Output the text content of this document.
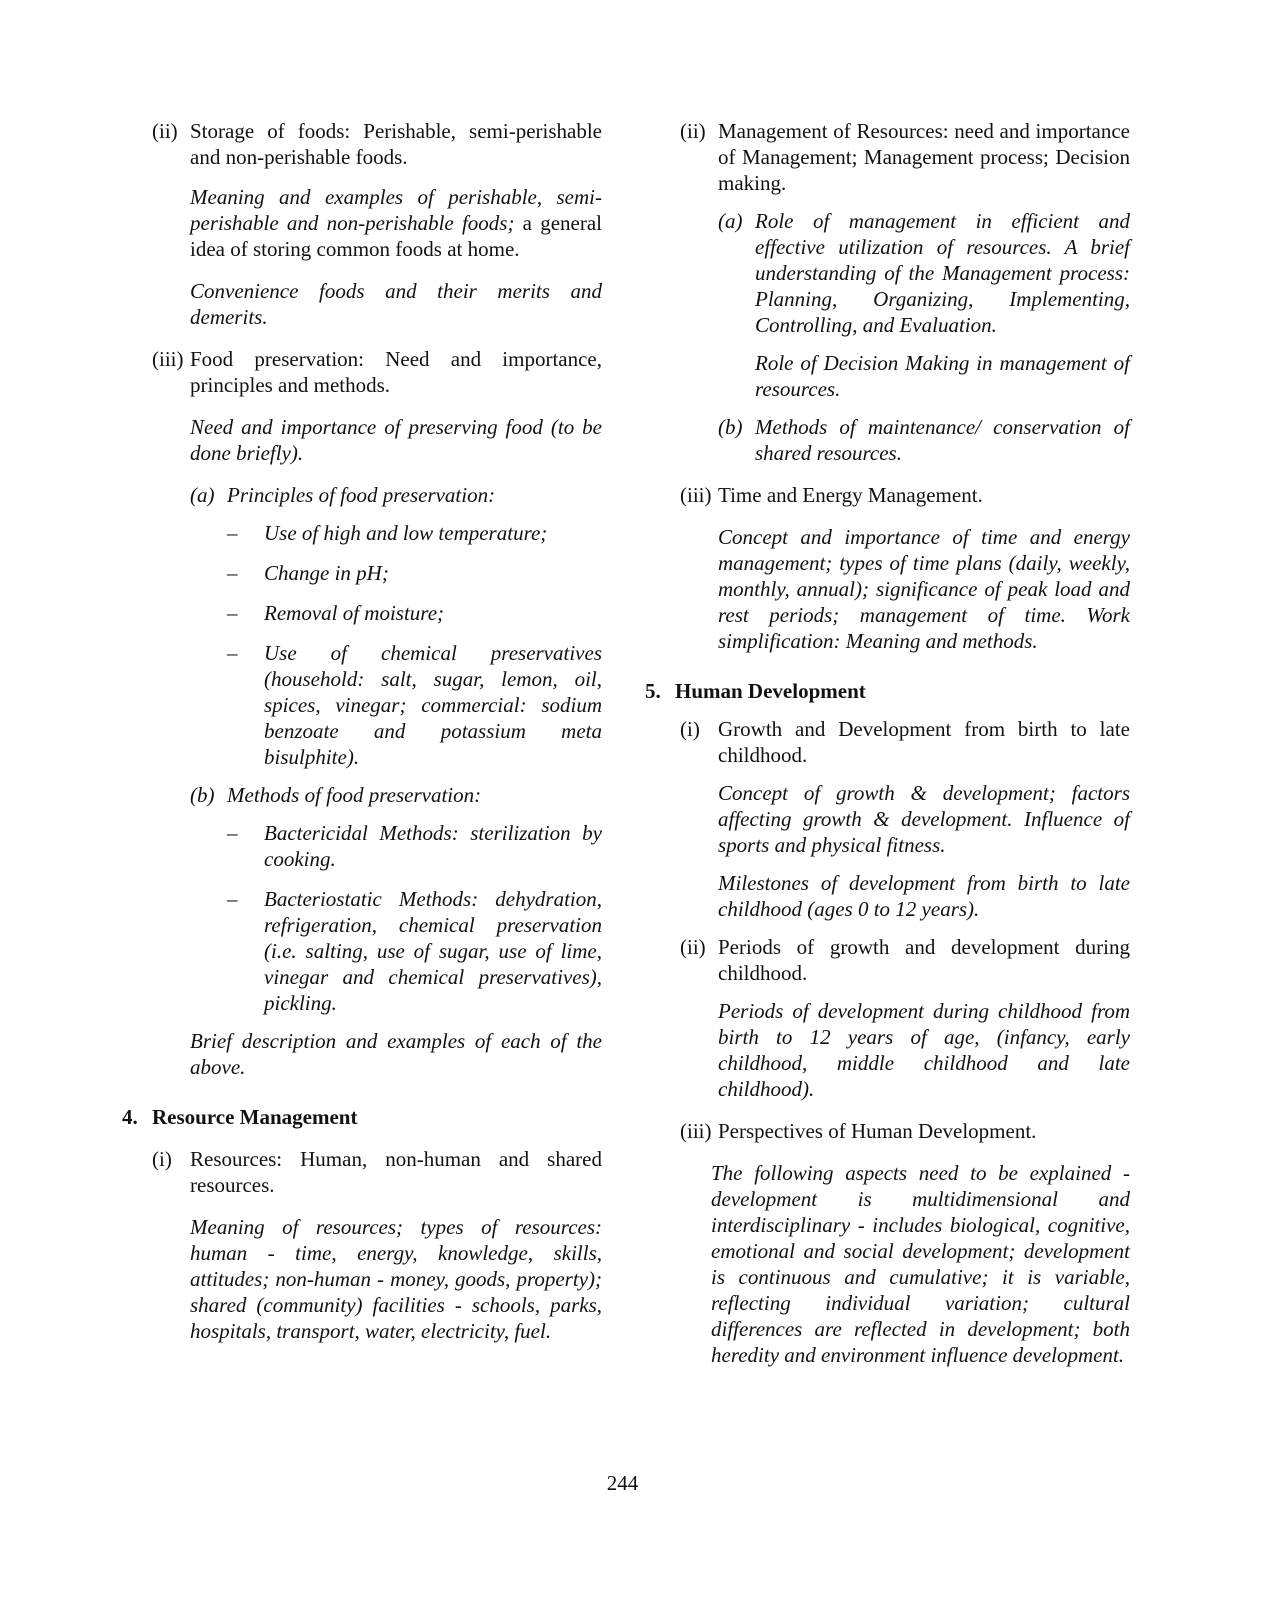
(ii) Storage of foods: Perishable, semi-perishable and non-perishable foods.
Meaning and examples of perishable, semi-perishable and non-perishable foods; a general idea of storing common foods at home.
Convenience foods and their merits and demerits.
(iii) Food preservation: Need and importance, principles and methods.
Need and importance of preserving food (to be done briefly).
(a) Principles of food preservation:
– Use of high and low temperature;
– Change in pH;
– Removal of moisture;
– Use of chemical preservatives (household: salt, sugar, lemon, oil, spices, vinegar; commercial: sodium benzoate and potassium meta bisulphite).
(b) Methods of food preservation:
– Bactericidal Methods: sterilization by cooking.
– Bacteriostatic Methods: dehydration, refrigeration, chemical preservation (i.e. salting, use of sugar, use of lime, vinegar and chemical preservatives), pickling.
Brief description and examples of each of the above.
4. Resource Management
(i) Resources: Human, non-human and shared resources.
Meaning of resources; types of resources: human - time, energy, knowledge, skills, attitudes; non-human - money, goods, property); shared (community) facilities - schools, parks, hospitals, transport, water, electricity, fuel.
(ii) Management of Resources: need and importance of Management; Management process; Decision making.
(a) Role of management in efficient and effective utilization of resources. A brief understanding of the Management process: Planning, Organizing, Implementing, Controlling, and Evaluation.
Role of Decision Making in management of resources.
(b) Methods of maintenance/ conservation of shared resources.
(iii) Time and Energy Management.
Concept and importance of time and energy management; types of time plans (daily, weekly, monthly, annual); significance of peak load and rest periods; management of time. Work simplification: Meaning and methods.
5. Human Development
(i) Growth and Development from birth to late childhood.
Concept of growth & development; factors affecting growth & development. Influence of sports and physical fitness.
Milestones of development from birth to late childhood (ages 0 to 12 years).
(ii) Periods of growth and development during childhood.
Periods of development during childhood from birth to 12 years of age, (infancy, early childhood, middle childhood and late childhood).
(iii) Perspectives of Human Development.
The following aspects need to be explained - development is multidimensional and interdisciplinary - includes biological, cognitive, emotional and social development; development is continuous and cumulative; it is variable, reflecting individual variation; cultural differences are reflected in development; both heredity and environment influence development.
244
